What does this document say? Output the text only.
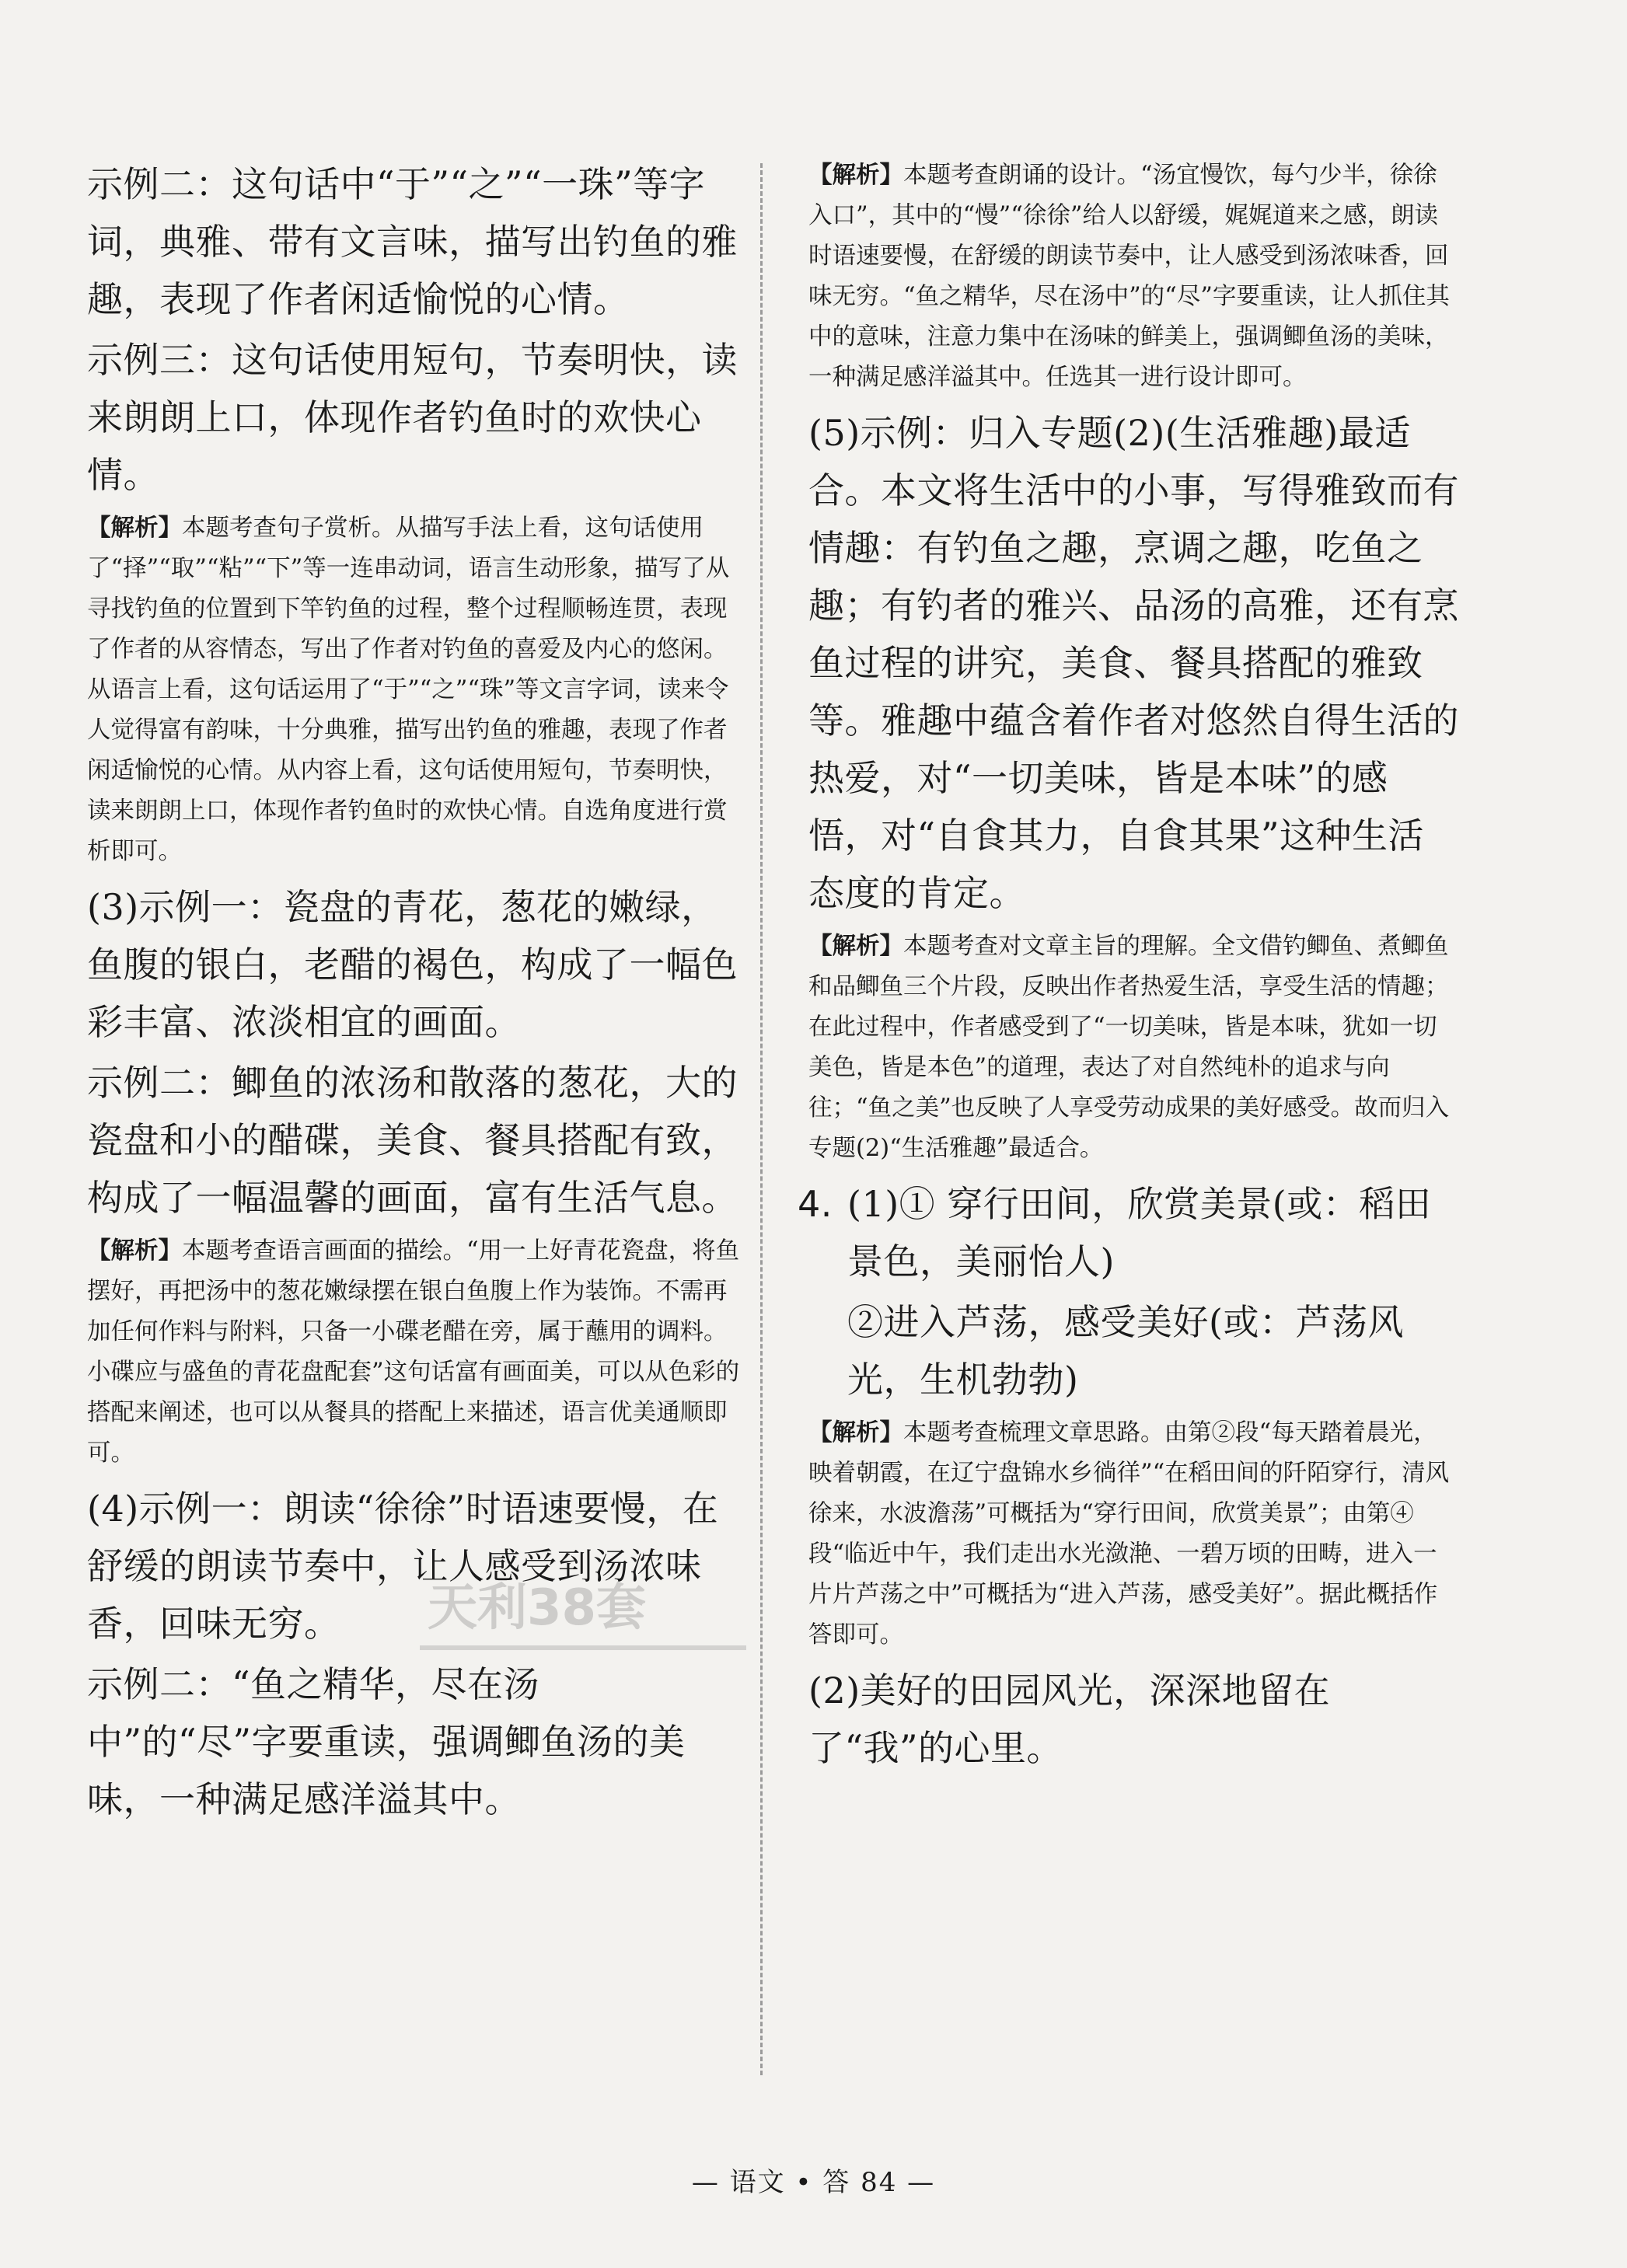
示例二：这句话中“于”“之”“一珠”等字词，典雅、带有文言味，描写出钓鱼的雅趣，表现了作者闲适愉悦的心情。

示例三：这句话使用短句，节奏明快，读来朗朗上口，体现作者钓鱼时的欢快心情。

【解析】本题考查句子赏析。从描写手法上看，这句话使用了“择”“取”“粘”“下”等一连串动词，语言生动形象，描写了从寻找钓鱼的位置到下竿钓鱼的过程，整个过程顺畅连贯，表现了作者的从容情态，写出了作者对钓鱼的喜爱及内心的悠闲。从语言上看，这句话运用了“于”“之”“珠”等文言字词，读来令人觉得富有韵味，十分典雅，描写出钓鱼的雅趣，表现了作者闲适愉悦的心情。从内容上看，这句话使用短句，节奏明快，读来朗朗上口，体现作者钓鱼时的欢快心情。自选角度进行赏析即可。

(3)示例一：瓷盘的青花，葱花的嫩绿，鱼腹的银白，老醋的褐色，构成了一幅色彩丰富、浓淡相宜的画面。

示例二：鲫鱼的浓汤和散落的葱花，大的瓷盘和小的醋碟，美食、餐具搭配有致，构成了一幅温馨的画面，富有生活气息。

【解析】本题考查语言画面的描绘。“用一上好青花瓷盘，将鱼摆好，再把汤中的葱花嫩绿摆在银白鱼腹上作为装饰。不需再加任何作料与附料，只备一小碟老醋在旁，属于蘸用的调料。小碟应与盛鱼的青花盘配套”这句话富有画面美，可以从色彩的搭配来阐述，也可以从餐具的搭配上来描述，语言优美通顺即可。

(4)示例一：朗读“徐徐”时语速要慢，在舒缓的朗读节奏中，让人感受到汤浓味香，回味无穷。

示例二：“鱼之精华，尽在汤中”的“尽”字要重读，强调鲫鱼汤的美味，一种满足感洋溢其中。

【解析】本题考查朗诵的设计。“汤宜慢饮，每勺少半，徐徐入口”，其中的“慢”“徐徐”给人以舒缓，娓娓道来之感，朗读时语速要慢，在舒缓的朗读节奏中，让人感受到汤浓味香，回味无穷。“鱼之精华，尽在汤中”的“尽”字要重读，让人抓住其中的意味，注意力集中在汤味的鲜美上，强调鲫鱼汤的美味，一种满足感洋溢其中。任选其一进行设计即可。

(5)示例：归入专题(2)(生活雅趣)最适合。本文将生活中的小事，写得雅致而有情趣：有钓鱼之趣，烹调之趣，吃鱼之趣；有钓者的雅兴、品汤的高雅，还有烹鱼过程的讲究，美食、餐具搭配的雅致等。雅趣中蕴含着作者对悠然自得生活的热爱，对“一切美味，皆是本味”的感悟，对“自食其力，自食其果”这种生活态度的肯定。

【解析】本题考查对文章主旨的理解。全文借钓鲫鱼、煮鲫鱼和品鲫鱼三个片段，反映出作者热爱生活，享受生活的情趣；在此过程中，作者感受到了“一切美味，皆是本味，犹如一切美色，皆是本色”的道理，表达了对自然纯朴的追求与向往；“鱼之美”也反映了人享受劳动成果的美好感受。故而归入专题(2)“生活雅趣”最适合。

4. (1)① 穿行田间，欣赏美景(或：稻田景色，美丽怡人)

②进入芦荡，感受美好(或：芦荡风光，生机勃勃)

【解析】本题考查梳理文章思路。由第②段“每天踏着晨光，映着朝霞，在辽宁盘锦水乡徜徉”“在稻田间的阡陌穿行，清风徐来，水波澹荡”可概括为“穿行田间，欣赏美景”；由第④段“临近中午，我们走出水光潋滟、一碧万顷的田畴，进入一片片芦荡之中”可概括为“进入芦荡，感受美好”。据此概括作答即可。

(2)美好的田园风光，深深地留在了“我”的心里。

天利38套
— 语文 • 答 84 —
